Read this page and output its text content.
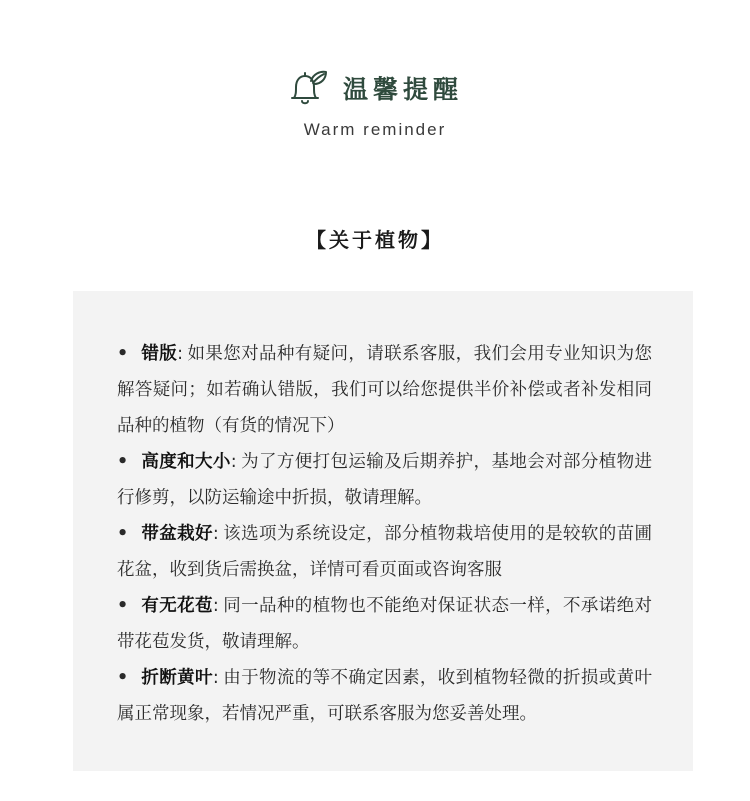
温馨提醒
Warm reminder
【关于植物】
• 错版: 如果您对品种有疑问，请联系客服，我们会用专业知识为您解答疑问；如若确认错版，我们可以给您提供半价补偿或者补发相同品种的植物（有货的情况下）
• 高度和大小: 为了方便打包运输及后期养护，基地会对部分植物进行修剪，以防运输途中折损，敬请理解。
• 带盆栽好: 该选项为系统设定，部分植物栽培使用的是较软的苗圃花盆，收到货后需换盆，详情可看页面或咨询客服
• 有无花苞: 同一品种的植物也不能绝对保证状态一样，不承诺绝对带花苞发货，敬请理解。
• 折断黄叶: 由于物流的等不确定因素，收到植物轻微的折损或黄叶属正常现象，若情况严重，可联系客服为您妥善处理。
